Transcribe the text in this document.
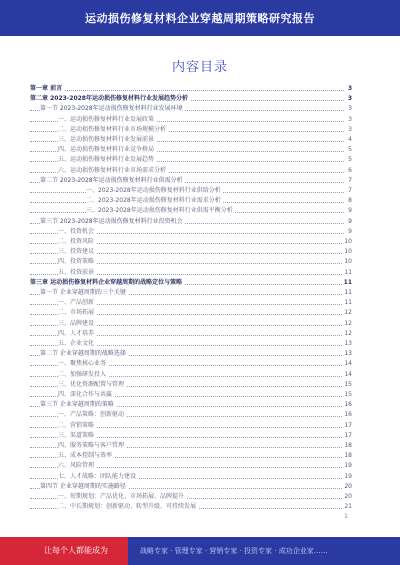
运动损伤修复材料企业穿越周期策略研究报告
内容目录
第一章 前言	3
第二章 2023-2028年运动损伤修复材料行业发展趋势分析	3
第一节 2023-2028年运动损伤修复材料行业发展环境	3
一、运动损伤修复材料行业发展政策	3
二、运动损伤修复材料行业市场规模分析	3
三、运动损伤修复材料行业发展前景	4
四、运动损伤修复材料行业竞争格局	5
五、运动损伤修复材料行业发展趋势	5
六、运动损伤修复材料行业市场需求分析	6
第二节 2023-2028年运动损伤修复材料行业供需分析	7
一、2023-2028年运动损伤修复材料行业供给分析	7
二、2023-2028年运动损伤修复材料行业需求分析	8
三、2023-2028年运动损伤修复材料行业供需平衡分析	9
第三节 2023-2028年运动损伤修复材料行业投资机会	9
一、投资机会	9
二、投资风险	10
三、投资建议	10
四、投资策略	10
五、投资前景	11
第三章 运动损伤修复材料企业穿越周期的战略定位与策略	11
第一节 企业穿越周期的三个关键	11
一、产品创新	11
二、市场拓展	12
三、品牌建设	12
四、人才培养	12
五、企业文化	13
第二节 企业穿越周期的战略选择	13
一、聚焦核心业务	14
二、加强研发投入	14
三、优化资源配置与管理	15
四、深化合作与共赢	15
第三节 企业穿越周期的策略	16
一、产品策略：创新驱动	16
二、营销策略	17
三、渠道策略	17
四、服务策略与客户管理	18
五、成本控制与效率	18
六、风险管理	19
七、人才战略：团队能力建设	19
第四节 企业穿越周期的实施路径	20
一、短期规划：产品优化、市场拓展、品牌提升	20
二、中长期规划：创新驱动、转型升级、可持续发展	21
1
让每个人都能成为	战略专家 · 管理专家 · 营销专家 · 投资专家 · 成功企业家……
